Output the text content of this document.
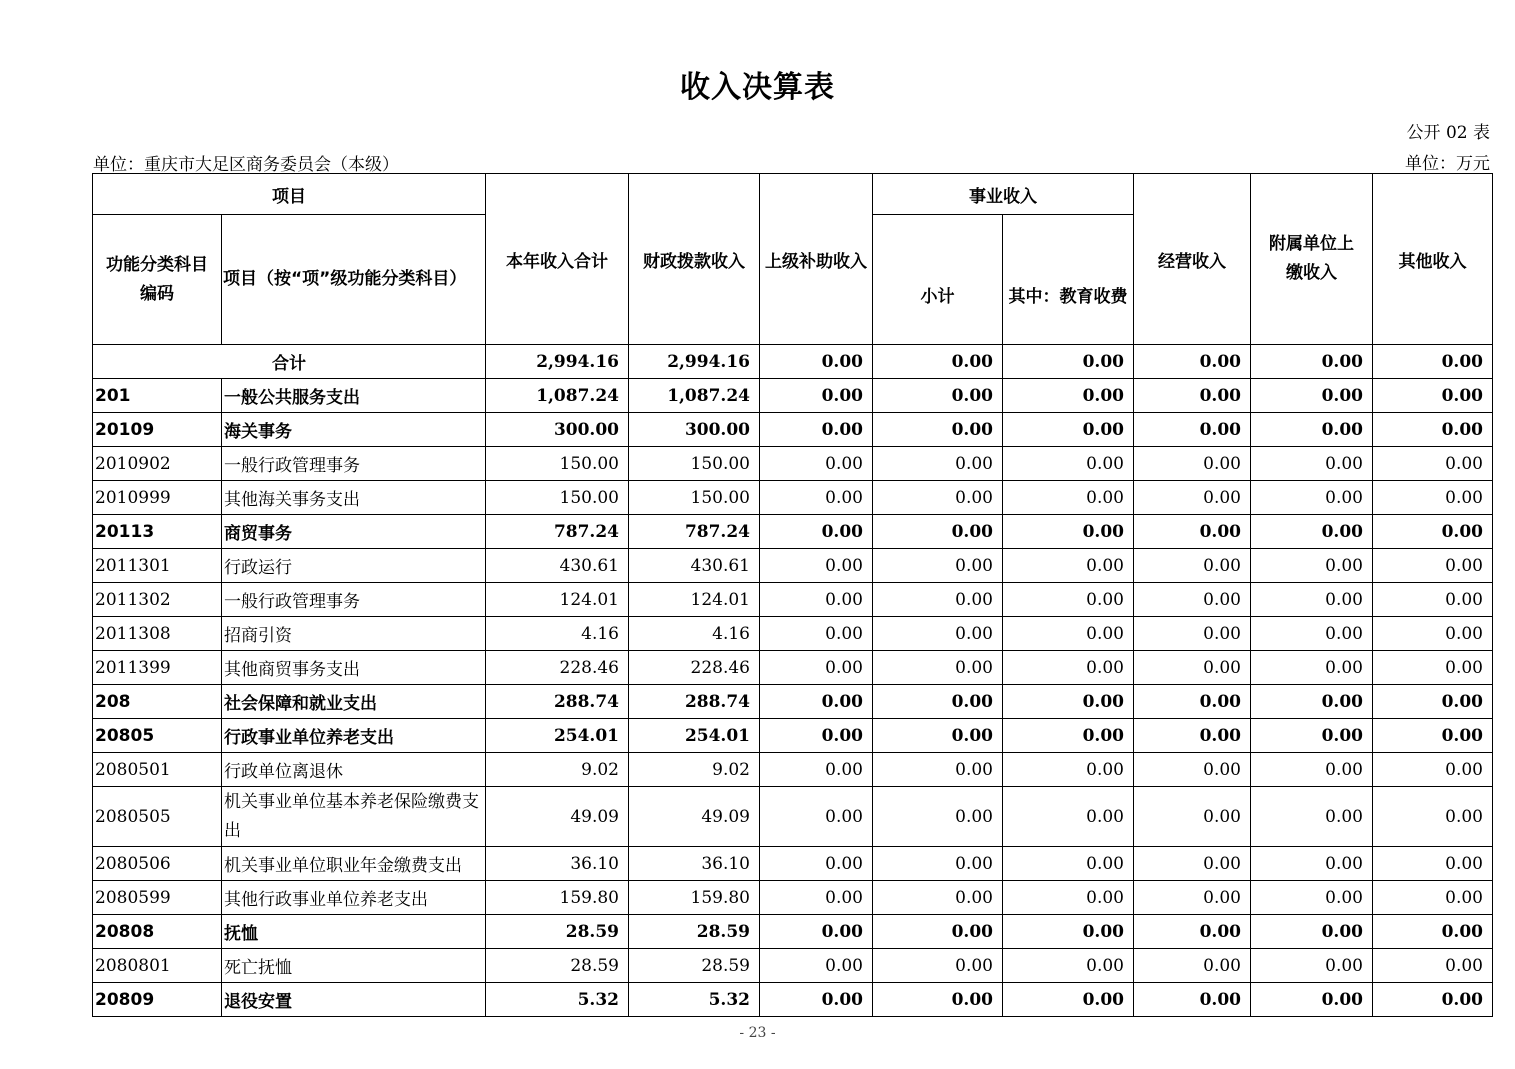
收入决算表
公开 02 表
单位：重庆市大足区商务委员会（本级）	单位：万元
项目		本年收入合计	财政拨款收入	上级补助收入	事业收入		经营收入	附属单位上缴收入	其他收入
功能分类科目编码	项目（按“项”级功能分类科目）				小计	其中：教育收费			
合计		2,994.16	2,994.16	0.00	0.00	0.00	0.00	0.00	0.00
201	一般公共服务支出	1,087.24	1,087.24	0.00	0.00	0.00	0.00	0.00	0.00
20109	海关事务	300.00	300.00	0.00	0.00	0.00	0.00	0.00	0.00
2010902	一般行政管理事务	150.00	150.00	0.00	0.00	0.00	0.00	0.00	0.00
2010999	其他海关事务支出	150.00	150.00	0.00	0.00	0.00	0.00	0.00	0.00
20113	商贸事务	787.24	787.24	0.00	0.00	0.00	0.00	0.00	0.00
2011301	行政运行	430.61	430.61	0.00	0.00	0.00	0.00	0.00	0.00
2011302	一般行政管理事务	124.01	124.01	0.00	0.00	0.00	0.00	0.00	0.00
2011308	招商引资	4.16	4.16	0.00	0.00	0.00	0.00	0.00	0.00
2011399	其他商贸事务支出	228.46	228.46	0.00	0.00	0.00	0.00	0.00	0.00
208	社会保障和就业支出	288.74	288.74	0.00	0.00	0.00	0.00	0.00	0.00
20805	行政事业单位养老支出	254.01	254.01	0.00	0.00	0.00	0.00	0.00	0.00
2080501	行政单位离退休	9.02	9.02	0.00	0.00	0.00	0.00	0.00	0.00
2080505	机关事业单位基本养老保险缴费支出	49.09	49.09	0.00	0.00	0.00	0.00	0.00	0.00
2080506	机关事业单位职业年金缴费支出	36.10	36.10	0.00	0.00	0.00	0.00	0.00	0.00
2080599	其他行政事业单位养老支出	159.80	159.80	0.00	0.00	0.00	0.00	0.00	0.00
20808	抚恤	28.59	28.59	0.00	0.00	0.00	0.00	0.00	0.00
2080801	死亡抚恤	28.59	28.59	0.00	0.00	0.00	0.00	0.00	0.00
20809	退役安置	5.32	5.32	0.00	0.00	0.00	0.00	0.00	0.00
- 23 -
